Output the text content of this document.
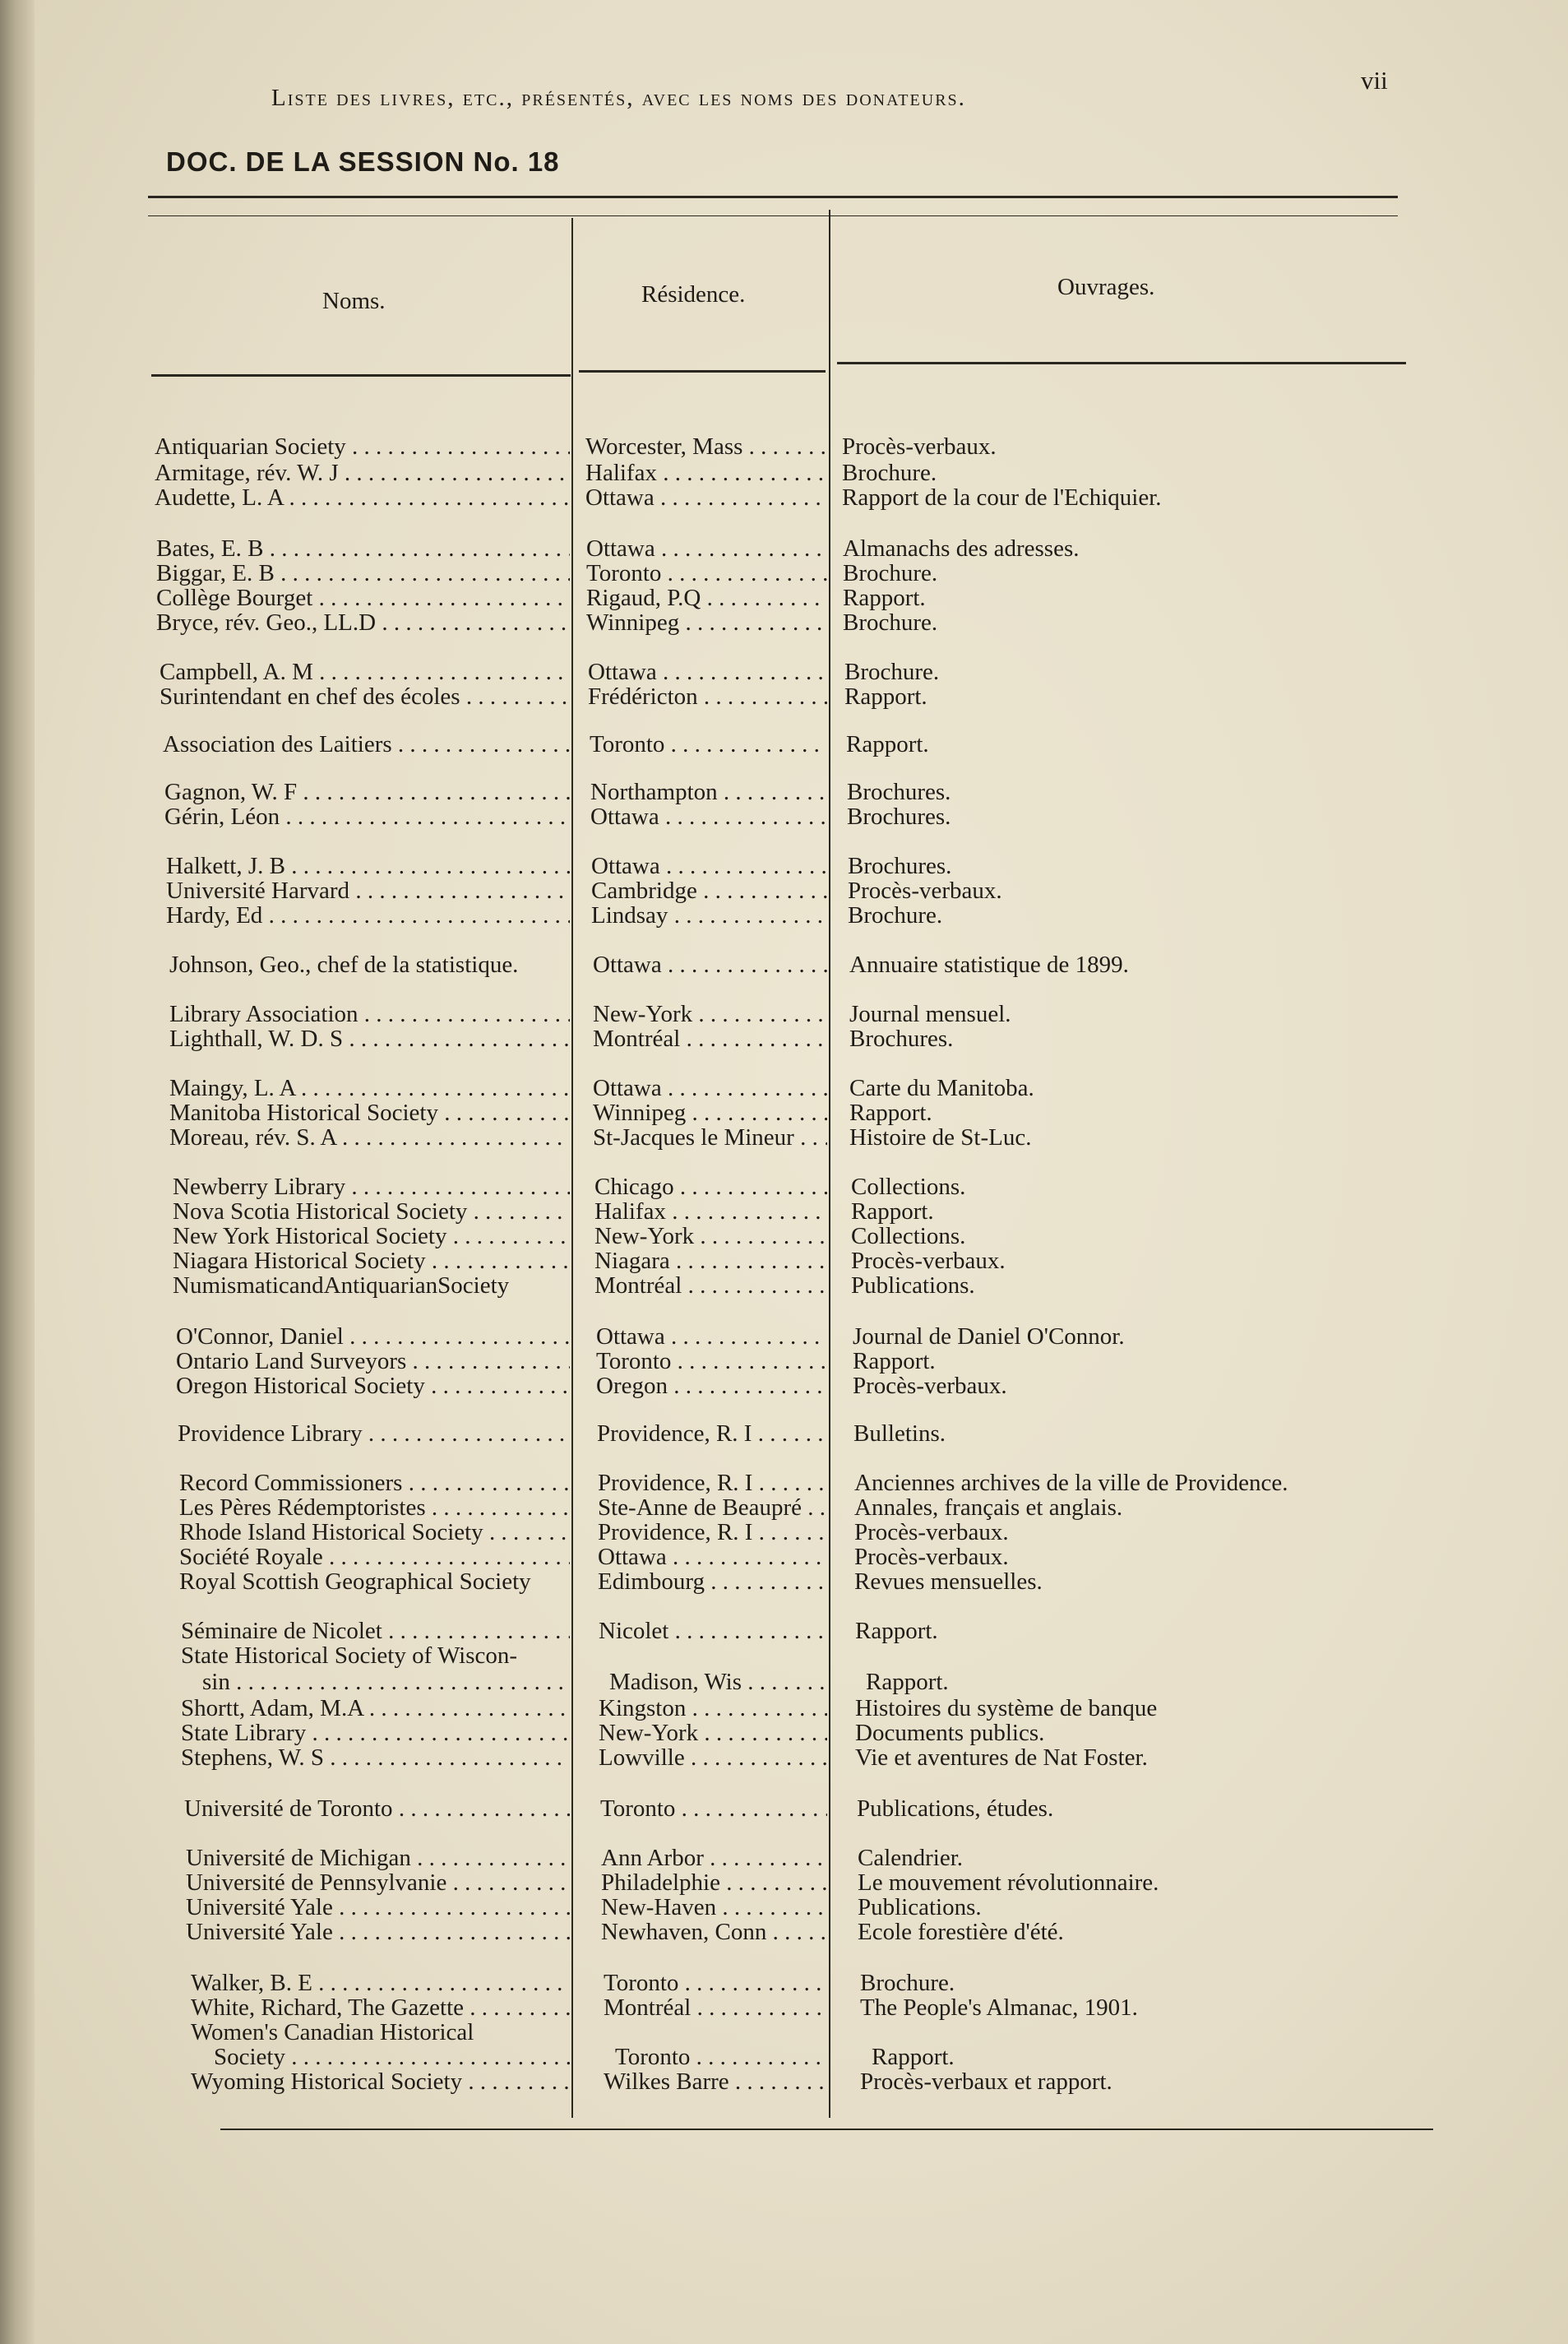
Liste des livres, etc., présentés, avec les noms des donateurs.
vii
DOC. DE LA SESSION No. 18
Noms.	Résidence.	Ouvrages.
Antiquarian Society . . .	Worcester, Mass . . .	Procès-verbaux.
Armitage, rév. W. J . . .	Halifax . . .	Brochure.
Audette, L. A . . .	Ottawa . . .	Rapport de la cour de l'Echiquier.
Bates, E. B . . .	Ottawa . . .	Almanachs des adresses.
Biggar, E. B . . .	Toronto . . .	Brochure.
Collège Bourget . . .	Rigaud, P.Q . . .	Rapport.
Bryce, rév. Geo., LL.D . . .	Winnipeg . . .	Brochure.
Campbell, A. M . . .	Ottawa . . .	Brochure.
Surintendant en chef des écoles . . .	Frédéricton . . .	Rapport.
Association des Laitiers . . .	Toronto . . .	Rapport.
Gagnon, W. F . . .	Northampton . . .	Brochures.
Gérin, Léon . . .	Ottawa . . .	Brochures.
Halkett, J. B . . .	Ottawa . . .	Brochures.
Université Harvard . . .	Cambridge . . .	Procès-verbaux.
Hardy, Ed . . .	Lindsay . . .	Brochure.
Johnson, Geo., chef de la statistique.	Ottawa . . .	Annuaire statistique de 1899.
Library Association . . .	New-York . . .	Journal mensuel.
Lighthall, W. D. S . . .	Montréal . . .	Brochures.
Maingy, L. A . . .	Ottawa . . .	Carte du Manitoba.
Manitoba Historical Society . . .	Winnipeg . . .	Rapport.
Moreau, rév. S. A . . .	St-Jacques le Mineur . . .	Histoire de St-Luc.
Newberry Library . . .	Chicago . . .	Collections.
Nova Scotia Historical Society . . .	Halifax . . .	Rapport.
New York Historical Society . . .	New-York . . .	Collections.
Niagara Historical Society . . .	Niagara . . .	Procès-verbaux.
NumismaticandAntiquarianSociety	Montréal . . .	Publications.
O'Connor, Daniel . . .	Ottawa . . .	Journal de Daniel O'Connor.
Ontario Land Surveyors . . .	Toronto . . .	Rapport.
Oregon Historical Society . . .	Oregon . . .	Procès-verbaux.
Providence Library . . .	Providence, R. I . . .	Bulletins.
Record Commissioners . . .	Providence, R. I . . .	Anciennes archives de la ville de Providence.
Les Pères Rédemptoristes . . .	Ste-Anne de Beaupré . . .	Annales, français et anglais.
Rhode Island Historical Society . . .	Providence, R. I . . .	Procès-verbaux.
Société Royale . . .	Ottawa . . .	Procès-verbaux.
Royal Scottish Geographical Society	Edimbourg . . .	Revues mensuelles.
Séminaire de Nicolet . . .	Nicolet . . .	Rapport.
State Historical Society of Wiscon-
sin . . .	Madison, Wis . . .	Rapport.
Shortt, Adam, M.A . . .	Kingston . . .	Histoires du système de banque
State Library . . .	New-York . . .	Documents publics.
Stephens, W. S . . .	Lowville . . .	Vie et aventures de Nat Foster.
Université de Toronto . . .	Toronto . . .	Publications, études.
Université de Michigan . . .	Ann Arbor . . .	Calendrier.
Université de Pennsylvanie . . .	Philadelphie . . .	Le mouvement révolutionnaire.
Université Yale . . .	New-Haven . . .	Publications.
Université Yale . . .	Newhaven, Conn . . .	Ecole forestière d'été.
Walker, B. E . . .	Toronto . . .	Brochure.
White, Richard, The Gazette . . .	Montréal . . .	The People's Almanac, 1901.
Women's Canadian Historical
Society . . .	Toronto . . .	Rapport.
Wyoming Historical Society . . .	Wilkes Barre . . .	Procès-verbaux et rapport.
